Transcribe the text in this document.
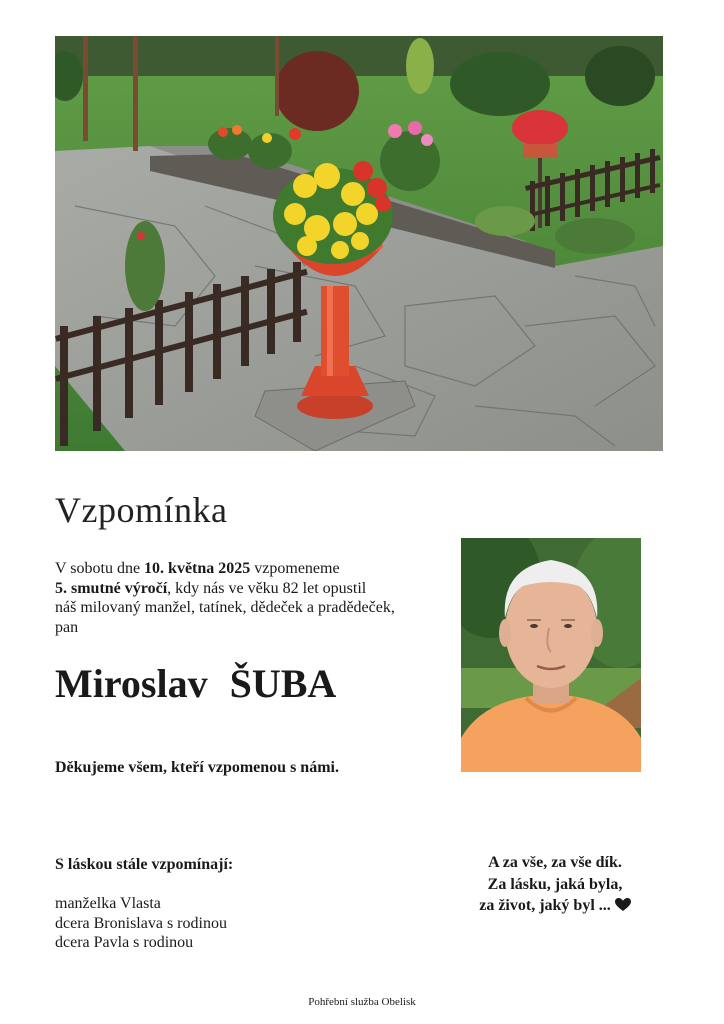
Vzpomínka

V sobotu dne 10. května 2025 vzpomeneme
5. smutné výročí, kdy nás ve věku 82 let opustil
náš milovaný manžel, tatínek, dědeček a pradědeček,
pan

Miroslav ŠUBA

Děkujeme všem, kteří vzpomenou s námi.

S láskou stále vzpomínají:

manželka Vlasta
dcera Bronislava s rodinou
dcera Pavla s rodinou

A za vše, za vše dík.
Za lásku, jaká byla,
za život, jaký byl ...

Pohřební služba Obelisk
